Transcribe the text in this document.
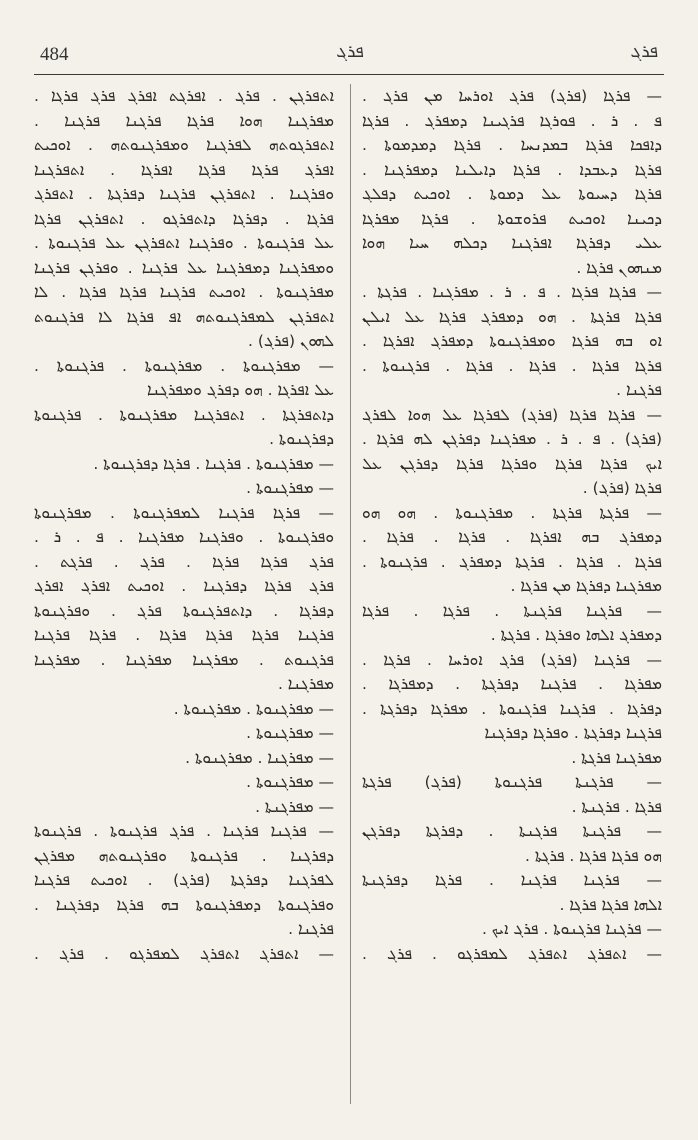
484	ܦܪܓ	ܦܪܓ
— ܦܪܓܐ (ܦܪܓ) ܦܪܓ ܐܘܪܚܐ ܡܢ ܦܪܓ .
ܦ . ܪ . ܦܘܪܓܐ ܦܪܓܝܢܐ ܕܡܦܪܓ . ܦܪܓܐ
ܕܐܦܟܐ ܦܪܓܐ ܒܡܕܢܚܐ . ܦܪܓܐ ܕܡܕܡܘܬܐ .
ܦܪܓܐ ܕܥܒܕܐ . ܦܪܓܐ ܕܐܝܠܢܐ ܕܡܦܪܓܢܐ .
ܦܪܓܐ ܕܚܝܘܬܐ ܥܠ ܕܡܘܬܐ . ܐܘܟܝܬ ܕܦܠܓ
ܕܟܝܢܐ ܐܘܟܝܬ ܦܪܘܫܘܬܐ . ܦܪܓܐ ܡܦܪܓܐ
ܥܠܝ ܕܦܪܓܐ ܐܦܪܓܢܐ ܕܟܠܗ ܚܝܐ ܗܘܐ
ܡܢܗܘܢ ܦܪܓܐ .
— ܦܪܓܐ ܦܪܓܐ . ܦ . ܪ . ܡܦܪܓܢܐ . ܦܪܓܬܐ .
ܦܪܓܐ ܦܪܓܬܐ . ܗܘ ܕܡܦܪܓ ܦܪܓܐ ܥܠ ܐܝܠܢ
ܐܘ ܒܗ ܦܪܓܐ ܘܡܦܪܓܢܘܬܐ ܕܡܦܪܓ ܐܦܪܓܐ .
ܦܪܓܐ ܦܪܓܐ . ܦܪܓܐ . ܦܪܓܐ . ܦܪܓܢܘܬܐ .
ܦܪܓܢܐ .
— ܦܪܓܐ ܦܪܓܐ (ܦܪܓ) ܠܦܪܓܐ ܥܠ ܗܘܐ ܠܦܪܓ
(ܦܪܓ) . ܦ . ܪ . ܡܦܪܓܢܐ ܕܦܪܓܢ ܠܗ ܦܪܓܐ .
ܐܝܟ ܦܪܓܐ ܦܪܓܐ ܘܦܪܓܐ ܦܪܓܐ ܕܦܪܓܢ ܥܠ
ܦܪܓܐ (ܦܪܓ) .
— ܦܪܓܬܐ ܦܪܓܬܐ . ܡܦܪܓܢܘܬܐ . ܗܘ ܗܘ
ܕܡܦܪܓ ܒܗ ܐܦܪܓܐ . ܦܪܓܐ . ܦܪܓܐ .
ܦܪܓܐ . ܦܪܓܐ . ܦܪܓܬܐ ܕܡܦܪܓ . ܦܪܓܢܘܬܐ .
ܡܦܪܓܢܐ ܕܦܪܓܐ ܡܢ ܦܪܓܐ .
— ܦܪܓܢܐ ܦܪܓܢܬܐ . ܦܪܓܐ . ܦܪܓܐ
ܕܡܦܪܓ ܐܠܗܐ ܘܦܪܓܐ . ܦܪܓܬܐ .
— ܦܪܓܢܐ (ܦܪܓ) ܦܪܓ ܐܘܪܚܐ . ܦܪܓܐ .
ܡܦܪܓܐ . ܦܪܓܢܐ ܕܦܪܓܬܐ . ܕܡܦܪܓܐ .
ܕܦܪܓܐ . ܦܪܓܢܐ ܦܪܓܢܘܬܐ . ܡܦܪܓܐ ܕܦܪܓܬܐ .
ܦܪܓܢܐ ܕܦܪܓܬܐ . ܘܦܪܓܐ ܕܦܪܓܢܐ
ܡܦܪܓܢܐ ܦܪܓܬܐ .
— ܦܪܓܢܬܐ ܦܪܓܢܘܬܐ (ܦܪܓ) ܦܪܓܬܐ
ܦܪܓܐ . ܦܪܓܢܬܐ .
— ܦܪܓܢܬܐ ܦܪܓܢܬܐ . ܕܦܪܓܬܐ ܕܦܪܓܢ
ܗܘ ܦܪܓܐ ܦܪܓܐ . ܦܪܓܬܐ .
— ܦܪܓܢܐ ܦܪܓܢܐ . ܦܪܓܐ ܕܦܪܓܢܬܐ
ܐܠܗܐ ܦܪܓܐ ܦܪܓܐ .
— ܦܪܓܢܐ ܦܪܓܢܘܬܐ . ܦܪܓ ܐܝܟ .
— ܐܬܦܪܓ ܐܬܦܪܓ ܠܡܦܪܓܘ . ܦܪܓ .
ܐܬܦܪܓܢ . ܦܪܓ . ܐܦܪܓܬ ܐܦܪܓ ܦܪܓ ܦܪܓܐ .
ܡܦܪܓܢܐ ܗܘܐ ܦܪܓܐ ܦܪܓܢܐ ܦܪܓܢܐ .
ܐܬܦܪܓܘܬܗ ܠܦܪܓܢܐ ܘܡܦܪܓܢܘܬܗ . ܐܘܟܝܬ
ܐܦܪܓ ܦܪܓܐ ܦܪܓܐ ܐܦܪܓܐ . ܐܬܦܪܓܢܐ
ܘܦܪܓܢܐ . ܐܬܦܪܓܢ ܦܪܓܢܐ ܕܦܪܓܬܐ . ܐܬܦܪܓ
ܦܪܓܐ . ܕܦܪܓܐ ܕܐܬܦܪܓܘ . ܐܬܦܪܓܢ ܦܪܓܐ
ܥܠ ܦܪܓܢܘܬܐ . ܘܦܪܓܢܐ ܐܬܦܪܓܢ ܥܠ ܦܪܓܢܘܬܐ .
ܘܡܦܪܓܢܐ ܕܡܦܪܓܢܐ ܥܠ ܦܪܓܢܐ . ܘܦܪܓܢ ܦܪܓܢܐ
ܡܦܪܓܢܘܬܐ . ܐܘܟܝܬ ܦܪܓܢܐ ܦܪܓܐ ܦܪܓܐ . ܠܐ
ܐܬܦܪܓܢ ܠܡܦܪܓܢܘܬܗ ܐܦ ܦܪܓܐ ܠܐ ܦܪܓܢܘܬ
ܠܗܘܢ (ܦܪܓ) .
— ܡܦܪܓܢܘܬܐ . ܡܦܪܓܢܘܬܐ . ܦܪܓܢܘܬܐ .
ܥܠ ܐܦܪܓܐ . ܗܘ ܕܦܪܓ ܘܡܦܪܓܢܐ
ܕܐܬܦܪܓܬܐ . ܐܬܦܪܓܢܐ ܡܦܪܓܢܘܬܐ . ܦܪܓܢܘܬܐ
ܕܦܪܓܢܘܬܐ .
— ܡܦܪܓܢܘܬܐ . ܦܪܓܢܐ . ܦܪܓܐ ܕܦܪܓܢܘܬܐ .
— ܡܦܪܓܢܘܬܐ .
— ܦܪܓܐ ܦܪܓܢܐ ܠܡܦܪܓܢܘܬܐ . ܡܦܪܓܢܘܬܐ
ܘܦܪܓܢܘܬܐ . ܘܦܪܓܢܐ ܡܦܪܓܢܐ . ܦ . ܪ .
ܦܪܓ ܦܪܓܐ ܦܪܓܐ . ܦܪܓ . ܦܪܓܬ .
ܦܪܓ ܦܪܓܐ ܕܦܪܓܢܐ . ܐܘܟܝܬ ܐܦܪܓ ܐܦܪܓ
ܕܦܪܓܐ . ܕܐܬܦܪܓܢܘܬܐ ܦܪܓ . ܘܦܪܓܢܘܬܐ
ܦܪܓܢܐ ܦܪܓܐ ܦܪܓܐ ܦܪܓܐ . ܦܪܓܐ ܦܪܓܢܐ
ܦܪܓܢܘܬ . ܡܦܪܓܢܐ ܡܦܪܓܢܐ . ܡܦܪܓܢܐ
ܡܦܪܓܢܐ .
— ܡܦܪܓܢܘܬܐ . ܡܦܪܓܢܘܬܐ .
— ܡܦܪܓܢܘܬܐ .
— ܡܦܪܓܢܐ . ܡܦܪܓܢܘܬܐ .
— ܡܦܪܓܢܘܬܐ .
— ܡܦܪܓܢܬܐ .
— ܦܪܓܢܐ ܦܪܓܢܐ . ܦܪܓ ܦܪܓܢܘܬܐ . ܦܪܓܢܘܬܐ
ܕܦܪܓܢܐ . ܦܪܓܢܘܬܐ ܘܦܪܓܢܘܬܗ ܡܦܪܓܢ
ܠܦܪܓܢܐ ܕܦܪܓܬܐ (ܦܪܓ) . ܐܘܟܝܬ ܦܪܓܢܐ
ܘܦܪܓܢܘܬܐ ܕܡܦܪܓܢܘܬܐ ܒܗ ܦܪܓܐ ܕܦܪܓܢܐ .
ܦܪܓܢܐ .
— ܐܬܦܪܓ ܐܬܦܪܓ ܠܡܦܪܓܘ . ܦܪܓ .
